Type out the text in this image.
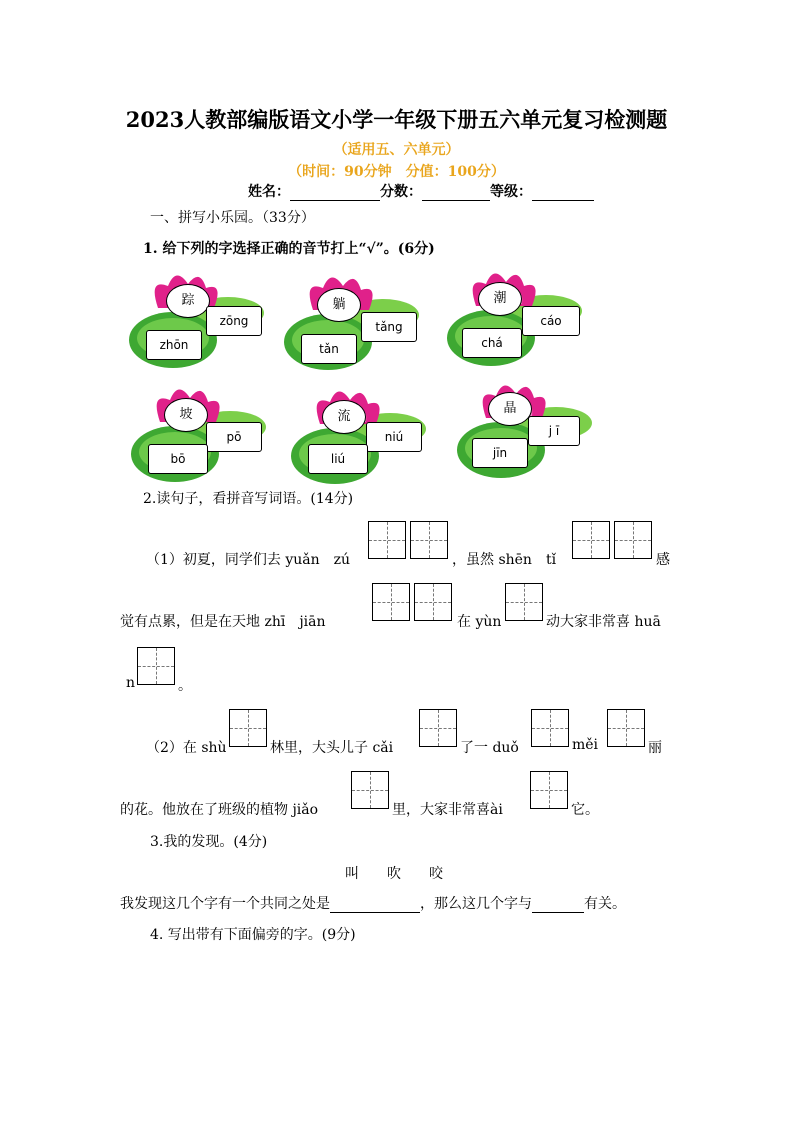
2023人教部编版语文小学一年级下册五六单元复习检测题
（适用五、六单元）
（时间：90分钟　分值：100分）
姓名：	分数：	等级：
一、拼写小乐园。（33分）
1. 给下列的字选择正确的音节打上“√”。(6分)
踪
zōng
zhōn
躺
tǎng
tǎn
潮
cáo
chá
坡
pō
bō
流
niú
liú
晶
j ī
jīn
2.读句子，看拼音写词语。(14分)
（1）初夏，同学们去 yuǎn　zú	，虽然 shēn　tǐ	感
觉有点累，但是在天地 zhī　jiān	在 yùn	动大家非常喜 huā
n	。
（2）在 shù	林里，大头儿子 cǎi	了一 duǒ	měi	丽
的花。他放在了班级的植物 jiǎo	里，大家非常喜ài	它。
3.我的发现。(4分)
叫　　吹　　咬
我发现这几个字有一个共同之处是	，那么这几个字与	有关。
4. 写出带有下面偏旁的字。(9分)
